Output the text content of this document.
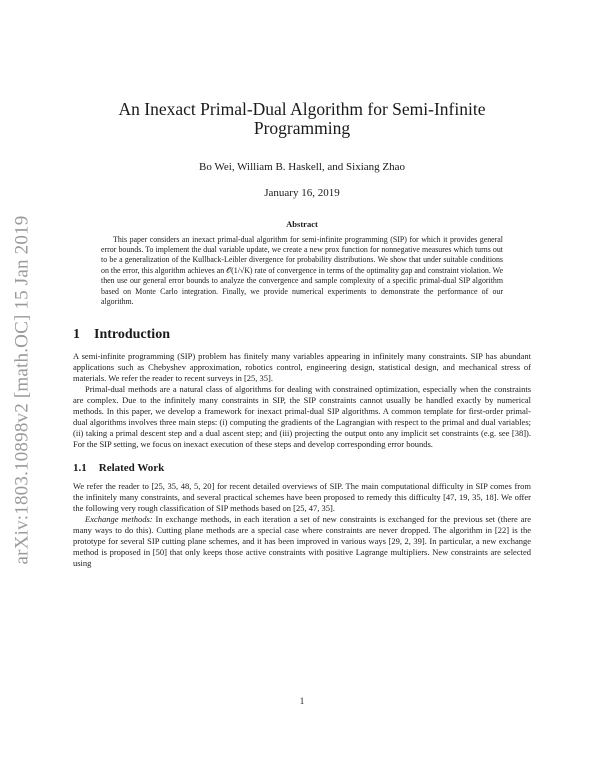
arXiv:1803.10898v2 [math.OC] 15 Jan 2019
An Inexact Primal-Dual Algorithm for Semi-Infinite Programming
Bo Wei, William B. Haskell, and Sixiang Zhao
January 16, 2019
Abstract

This paper considers an inexact primal-dual algorithm for semi-infinite programming (SIP) for which it provides general error bounds. To implement the dual variable update, we create a new prox function for nonnegative measures which turns out to be a generalization of the Kullback-Leibler divergence for probability distributions. We show that under suitable conditions on the error, this algorithm achieves an 𝒪(1/√K) rate of convergence in terms of the optimality gap and constraint violation. We then use our general error bounds to analyze the convergence and sample complexity of a specific primal-dual SIP algorithm based on Monte Carlo integration. Finally, we provide numerical experiments to demonstrate the performance of our algorithm.

1 Introduction

A semi-infinite programming (SIP) problem has finitely many variables appearing in infinitely many constraints. SIP has abundant applications such as Chebyshev approximation, robotics control, engineering design, statistical design, and mechanical stress of materials. We refer the reader to recent surveys in [25, 35].

Primal-dual methods are a natural class of algorithms for dealing with constrained optimization, especially when the constraints are complex. Due to the infinitely many constraints in SIP, the SIP constraints cannot usually be handled exactly by numerical methods. In this paper, we develop a framework for inexact primal-dual SIP algorithms. A common template for first-order primal-dual algorithms involves three main steps: (i) computing the gradients of the Lagrangian with respect to the primal and dual variables; (ii) taking a primal descent step and a dual ascent step; and (iii) projecting the output onto any implicit set constraints (e.g. see [38]). For the SIP setting, we focus on inexact execution of these steps and develop corresponding error bounds.

1.1 Related Work

We refer the reader to [25, 35, 48, 5, 20] for recent detailed overviews of SIP. The main computational difficulty in SIP comes from the infinitely many constraints, and several practical schemes have been proposed to remedy this difficulty [47, 19, 35, 18]. We offer the following very rough classification of SIP methods based on [25, 47, 35].

Exchange methods: In exchange methods, in each iteration a set of new constraints is exchanged for the previous set (there are many ways to do this). Cutting plane methods are a special case where constraints are never dropped. The algorithm in [22] is the prototype for several SIP cutting plane schemes, and it has been improved in various ways [29, 2, 39]. In particular, a new exchange method is proposed in [50] that only keeps those active constraints with positive Lagrange multipliers. New constraints are selected using

1
